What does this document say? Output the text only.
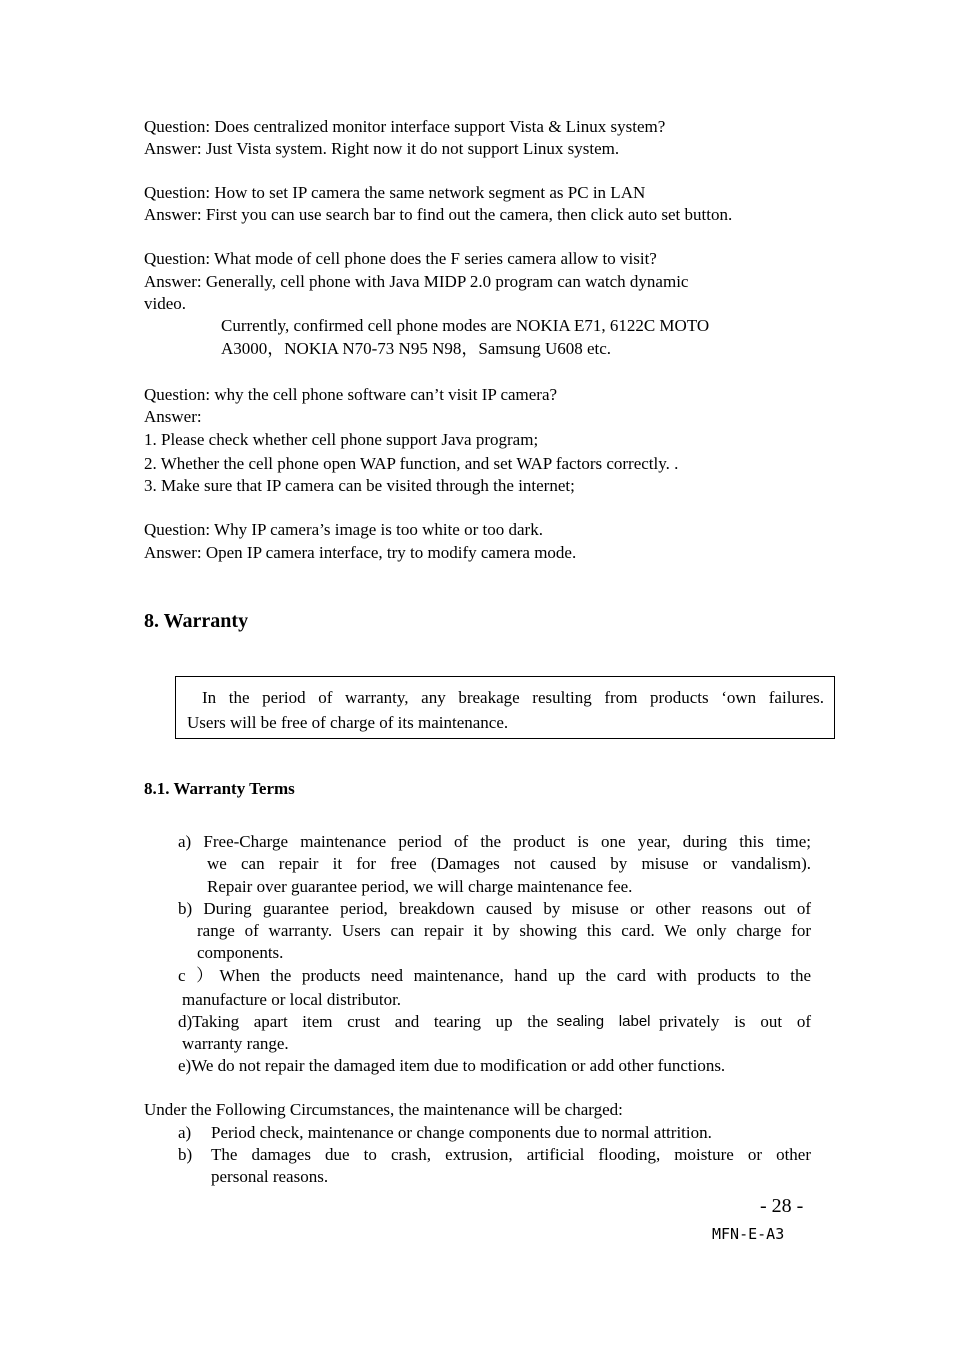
Question: Does centralized monitor interface support Vista & Linux system?
Answer: Just Vista system. Right now it do not support Linux system.
Question: How to set IP camera the same network segment as PC in LAN
Answer: First you can use search bar to find out the camera, then click auto set button.
Question: What mode of cell phone does the F series camera allow to visit?
Answer: Generally, cell phone with Java MIDP 2.0 program can watch dynamic
video.
Currently, confirmed cell phone modes are NOKIA E71, 6122C MOTO
A3000，NOKIA N70-73 N95 N98，Samsung U608 etc.
Question: why the cell phone software can’t visit IP camera?
Answer:
1. Please check whether cell phone support Java program;
2. Whether the cell phone open WAP function, and set WAP factors correctly. .
3. Make sure that IP camera can be visited through the internet;
Question: Why IP camera’s image is too white or too dark.
Answer: Open IP camera interface, try to modify camera mode.
8. Warranty

In the period of warranty, any breakage resulting from products ‘own failures.

Users will be free of charge of its maintenance.

8.1. Warranty Terms
a) Free-Charge maintenance period of the product is one year, during this time;
we can repair it for free (Damages not caused by misuse or vandalism).
Repair over guarantee period, we will charge maintenance fee.
b) During guarantee period, breakdown caused by misuse or other reasons out of
range of warranty. Users can repair it by showing this card. We only charge for
components.
c ）When the products need maintenance, hand up the card with products to the
manufacture or local distributor.
d)Taking apart item crust and tearing up the sealing label privately is out of
warranty range.
e)We do not repair the damaged item due to modification or add other functions.
Under the Following Circumstances, the maintenance will be charged:
a) Period check, maintenance or change components due to normal attrition.
b) The damages due to crash, extrusion, artificial flooding, moisture or other
personal reasons.
- 28 -
MFN-E-A3
